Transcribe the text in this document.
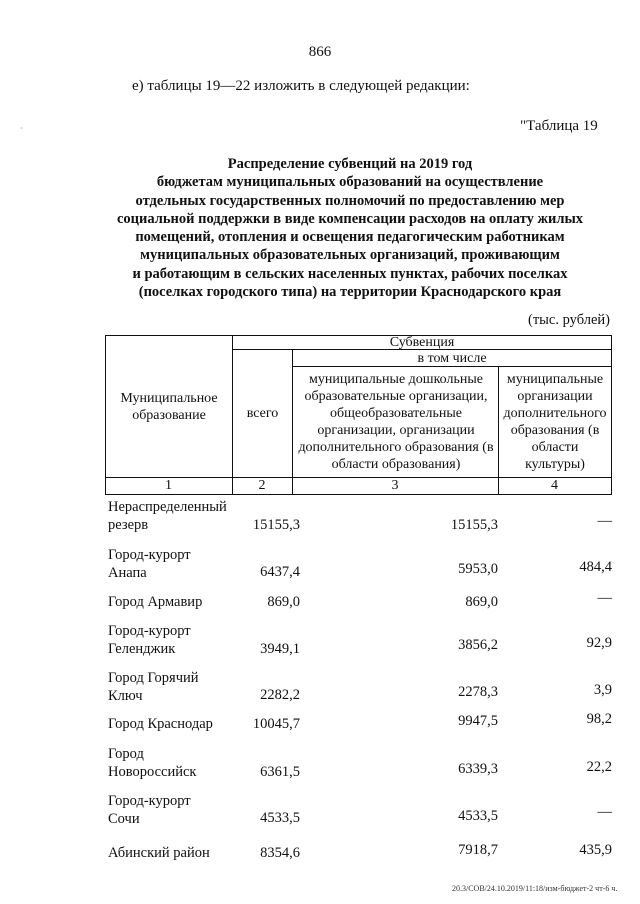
866
е) таблицы 19—22 изложить в следующей редакции:
·	"Таблица 19
Распределение субвенций на 2019 год
бюджетам муниципальных образований на осуществление
отдельных государственных полномочий по предоставлению мер
социальной поддержки в виде компенсации расходов на оплату жилых
помещений, отопления и освещения педагогическим работникам
муниципальных образовательных организаций, проживающим
и работающим в сельских населенных пунктах, рабочих поселках
(поселках городского типа) на территории Краснодарского края
(тыс. рублей)
Муниципальное образование
Субвенция
всего
в том числе
муниципальные дошкольные образовательные организации, общеобразовательные организации, организации дополнительного образования (в области образования)
муниципальные организации дополнительного образования (в области культуры)
1	2	3	4
Нераспределенный
резерв	15155,3	15155,3	—
Город-курорт
Анапа	6437,4	5953,0	484,4
Город Армавир	869,0	869,0	—
Город-курорт
Геленджик	3949,1	3856,2	92,9
Город Горячий
Ключ	2282,2	2278,3	3,9
Город Краснодар	10045,7	9947,5	98,2
Город
Новороссийск	6361,5	6339,3	22,2
Город-курорт
Сочи	4533,5	4533,5	—
Абинский район	8354,6	7918,7	435,9
20.3/СОВ/24.10.2019/11:18/изм-бюджет-2 чт-6 ч.
